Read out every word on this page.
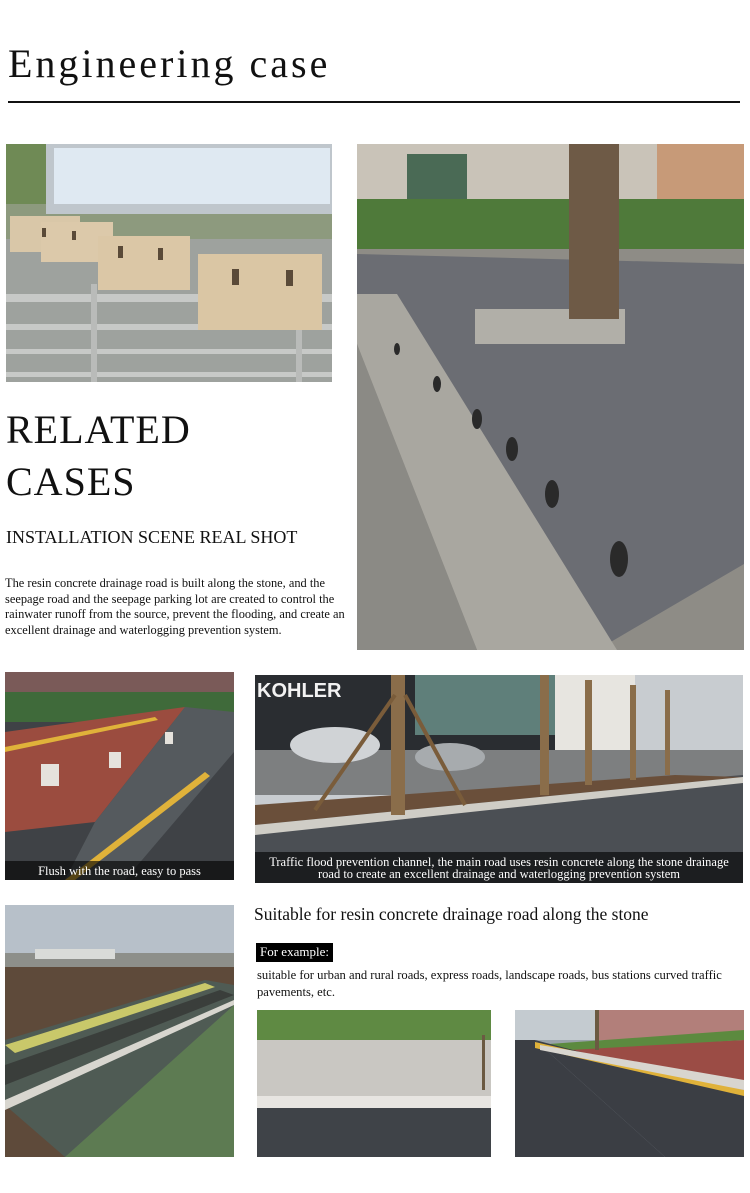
Engineering case
RELATED
CASES
INSTALLATION SCENE REAL SHOT
The resin concrete drainage road is built along the stone, and the seepage road and the seepage parking lot are created to control the rainwater runoff from the source, prevent the flooding, and create an excellent drainage and waterlogging prevention system.
Flush with the road, easy to pass
KOHLER
Traffic flood prevention channel, the main road uses resin concrete along the stone drainage road to create an excellent drainage and waterlogging prevention system
Suitable for resin concrete drainage road along the stone
For example:
suitable for urban and rural roads, express roads, landscape roads, bus stations curved traffic pavements, etc.
